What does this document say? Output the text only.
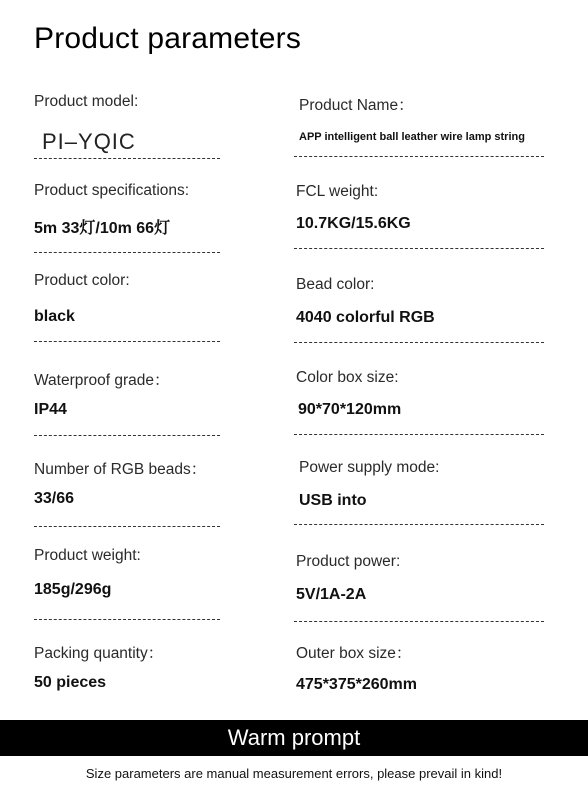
Product parameters
Product model:
PI–YQIC
Product Name：
APP intelligent ball leather wire lamp string
Product specifications:
5m 33灯/10m 66灯
FCL weight:
10.7KG/15.6KG
Product color:
black
Bead color:
4040 colorful RGB
Waterproof grade：
IP44
Color box size:
90*70*120mm
Number of RGB beads：
33/66
Power supply mode:
USB into
Product weight:
185g/296g
Product power:
5V/1A-2A
Packing quantity：
50 pieces
Outer box size：
475*375*260mm
Warm prompt
Size parameters are manual measurement errors, please prevail in kind!
